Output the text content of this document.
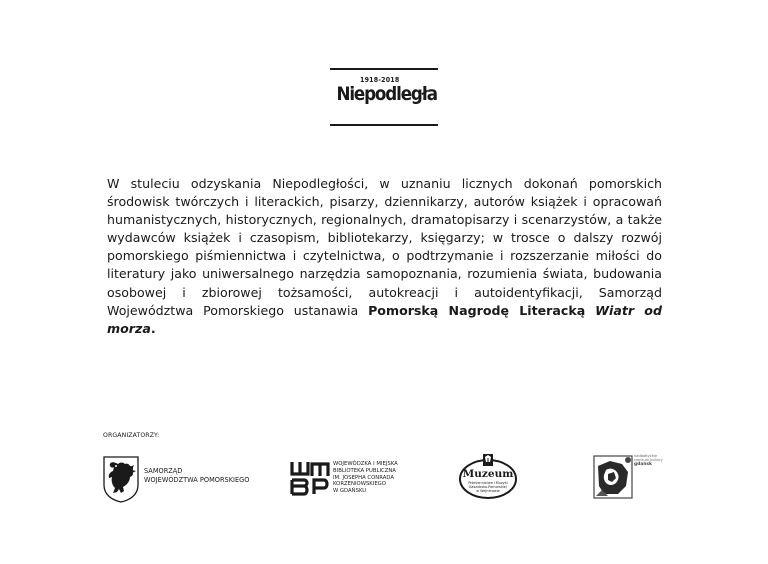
1918-2018
Niepodległa

W stuleciu odzyskania Niepodległości, w uznaniu licznych dokonań pomorskich środowisk twórczych i literackich, pisarzy, dziennikarzy, autorów książek i opracowań humanistycznych, historycznych, regionalnych, dramatopisarzy i scenarzystów, a także wydawców książek i czasopism, bibliotekarzy, księgarzy; w trosce o dalszy rozwój pomorskiego piśmiennictwa i czytelnictwa, o podtrzymanie i rozszerzanie miłości do literatury jako uniwersalnego narzędzia samopoznania, rozumienia świata, budowania osobowej i zbiorowej tożsamości, autokreacji i autoidentyfikacji, Samorząd Województwa Pomorskiego ustanawia Pomorską Nagrodę Literacką Wiatr od morza.

ORGANIZATORZY:
SAMORZĄD
WOJEWÓDZTWA POMORSKIEGO
WOJEWÓDZKA I MIEJSKA
BIBLIOTEKA PUBLICZNA
IM. JOSEPHA CONRADA
KORZENIOWSKIEGO
W GDAŃSKU
Muzeum
Piśmiennictwa i Muzyki
Kaszubsko-Pomorskiej
w Wejherowie
nadbałtyckie
centrum kultury
gdańsk
